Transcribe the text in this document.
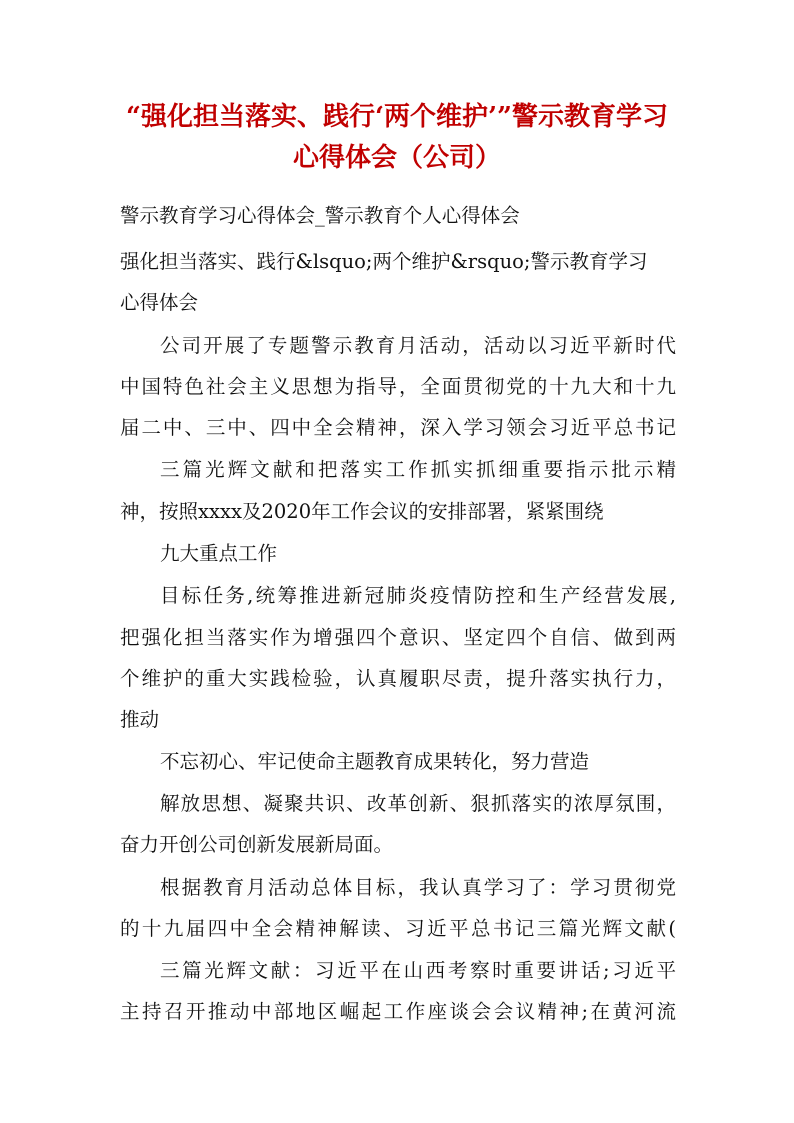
“强化担当落实、践行‘两个维护’”警示教育学习
心得体会（公司）
警示教育学习心得体会_警示教育个人心得体会
强化担当落实、践行&lsquo;两个维护&rsquo;警示教育学习
心得体会
公司开展了专题警示教育月活动，活动以习近平新时代
中国特色社会主义思想为指导，全面贯彻党的十九大和十九
届二中、三中、四中全会精神，深入学习领会习近平总书记
三篇光辉文献和把落实工作抓实抓细重要指示批示精
神，按照xxxx及2020年工作会议的安排部署，紧紧围绕
九大重点工作
目标任务,统筹推进新冠肺炎疫情防控和生产经营发展,
把强化担当落实作为增强四个意识、坚定四个自信、做到两
个维护的重大实践检验，认真履职尽责，提升落实执行力，
推动
不忘初心、牢记使命主题教育成果转化，努力营造
解放思想、凝聚共识、改革创新、狠抓落实的浓厚氛围，
奋力开创公司创新发展新局面。
根据教育月活动总体目标，我认真学习了：学习贯彻党
的十九届四中全会精神解读、习近平总书记三篇光辉文献(
三篇光辉文献：习近平在山西考察时重要讲话;习近平
主持召开推动中部地区崛起工作座谈会会议精神;在黄河流
